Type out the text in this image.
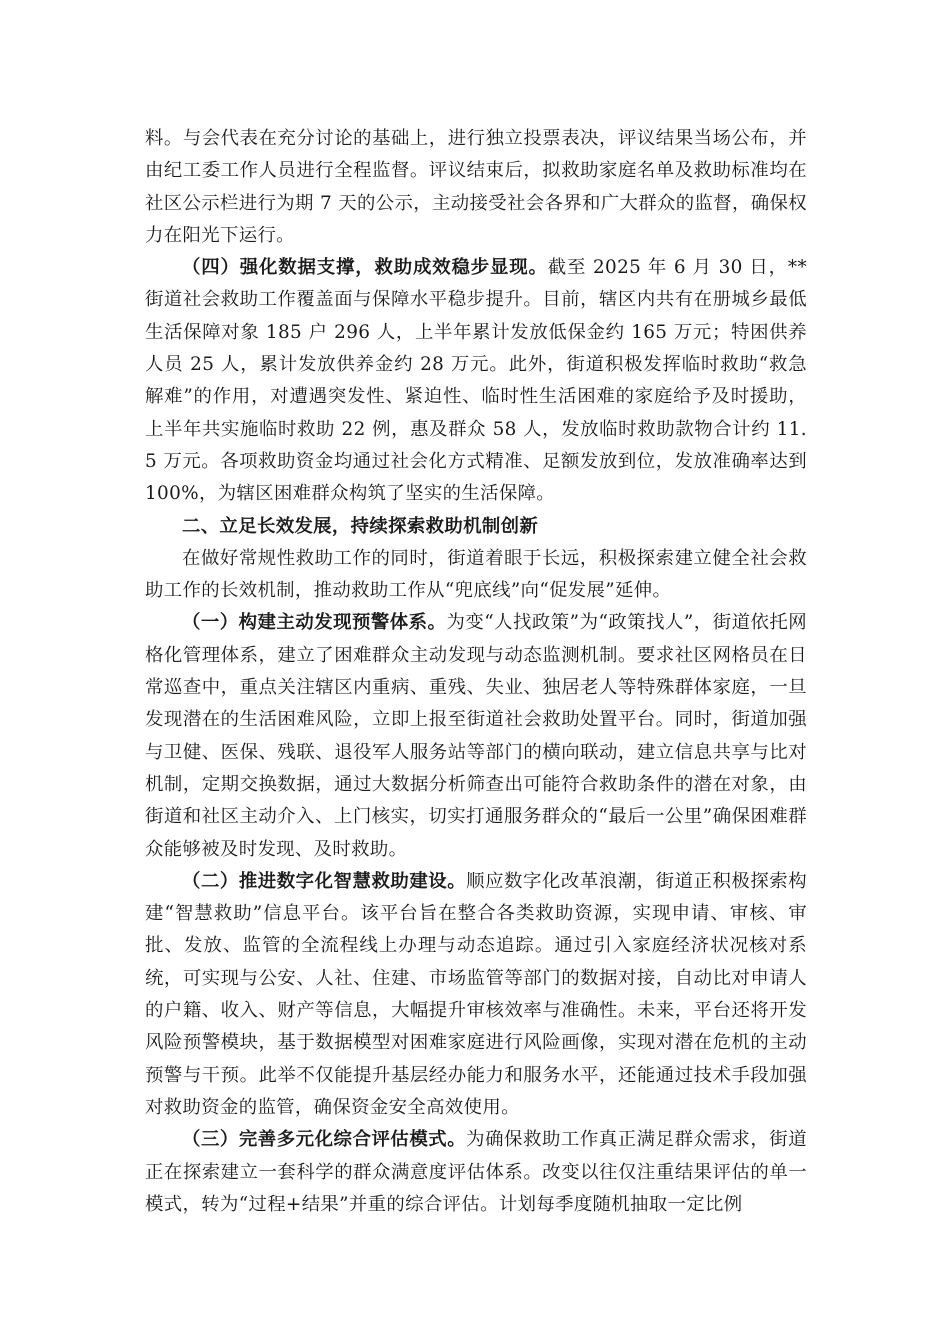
料。与会代表在充分讨论的基础上，进行独立投票表决，评议结果当场公布，并由纪工委工作人员进行全程监督。评议结束后，拟救助家庭名单及救助标准均在社区公示栏进行为期 7 天的公示，主动接受社会各界和广大群众的监督，确保权力在阳光下运行。

（四）强化数据支撑，救助成效稳步显现。截至 2025 年 6 月 30 日，**街道社会救助工作覆盖面与保障水平稳步提升。目前，辖区内共有在册城乡最低生活保障对象 185 户 296 人，上半年累计发放低保金约 165 万元；特困供养人员 25 人，累计发放供养金约 28 万元。此外，街道积极发挥临时救助“救急解难”的作用，对遭遇突发性、紧迫性、临时性生活困难的家庭给予及时援助，上半年共实施临时救助 22 例，惠及群众 58 人，发放临时救助款物合计约 11. 5 万元。各项救助资金均通过社会化方式精准、足额发放到位，发放准确率达到 100%，为辖区困难群众构筑了坚实的生活保障。

二、立足长效发展，持续探索救助机制创新

在做好常规性救助工作的同时，街道着眼于长远，积极探索建立健全社会救助工作的长效机制，推动救助工作从“兜底线”向“促发展”延伸。

（一）构建主动发现预警体系。为变“人找政策”为“政策找人”，街道依托网格化管理体系，建立了困难群众主动发现与动态监测机制。要求社区网格员在日常巡查中，重点关注辖区内重病、重残、失业、独居老人等特殊群体家庭，一旦发现潜在的生活困难风险，立即上报至街道社会救助处置平台。同时，街道加强与卫健、医保、残联、退役军人服务站等部门的横向联动，建立信息共享与比对机制，定期交换数据，通过大数据分析筛查出可能符合救助条件的潜在对象，由街道和社区主动介入、上门核实，切实打通服务群众的“最后一公里”确保困难群众能够被及时发现、及时救助。

（二）推进数字化智慧救助建设。顺应数字化改革浪潮，街道正积极探索构建“智慧救助”信息平台。该平台旨在整合各类救助资源，实现申请、审核、审批、发放、监管的全流程线上办理与动态追踪。通过引入家庭经济状况核对系统，可实现与公安、人社、住建、市场监管等部门的数据对接，自动比对申请人的户籍、收入、财产等信息，大幅提升审核效率与准确性。未来，平台还将开发风险预警模块，基于数据模型对困难家庭进行风险画像，实现对潜在危机的主动预警与干预。此举不仅能提升基层经办能力和服务水平，还能通过技术手段加强对救助资金的监管，确保资金安全高效使用。

（三）完善多元化综合评估模式。为确保救助工作真正满足群众需求，街道正在探索建立一套科学的群众满意度评估体系。改变以往仅注重结果评估的单一模式，转为“过程+结果”并重的综合评估。计划每季度随机抽取一定比例
